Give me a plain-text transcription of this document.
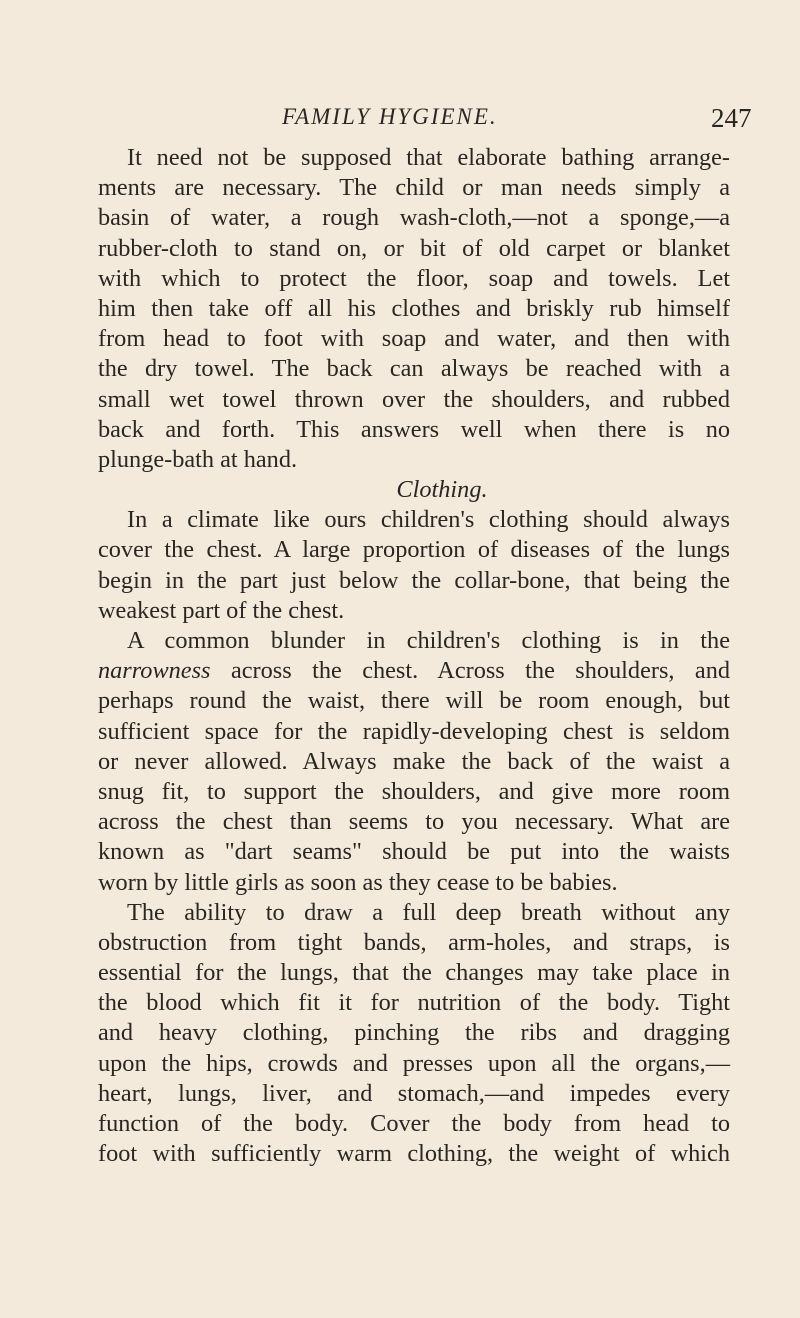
FAMILY HYGIENE.	247
It need not be supposed that elaborate bathing arrange-
ments are necessary. The child or man needs simply a
basin of water, a rough wash-cloth,—not a sponge,—a
rubber-cloth to stand on, or bit of old carpet or blanket
with which to protect the floor, soap and towels. Let
him then take off all his clothes and briskly rub himself
from head to foot with soap and water, and then with
the dry towel. The back can always be reached with a
small wet towel thrown over the shoulders, and rubbed
back and forth. This answers well when there is no
plunge-bath at hand.
Clothing.
In a climate like ours children's clothing should always
cover the chest. A large proportion of diseases of the lungs
begin in the part just below the collar-bone, that being the
weakest part of the chest.
A common blunder in children's clothing is in the
narrowness across the chest. Across the shoulders, and
perhaps round the waist, there will be room enough, but
sufficient space for the rapidly-developing chest is seldom
or never allowed. Always make the back of the waist a
snug fit, to support the shoulders, and give more room
across the chest than seems to you necessary. What are
known as "dart seams" should be put into the waists
worn by little girls as soon as they cease to be babies.
The ability to draw a full deep breath without any
obstruction from tight bands, arm-holes, and straps, is
essential for the lungs, that the changes may take place in
the blood which fit it for nutrition of the body. Tight
and heavy clothing, pinching the ribs and dragging
upon the hips, crowds and presses upon all the organs,—
heart, lungs, liver, and stomach,—and impedes every
function of the body. Cover the body from head to
foot with sufficiently warm clothing, the weight of which
